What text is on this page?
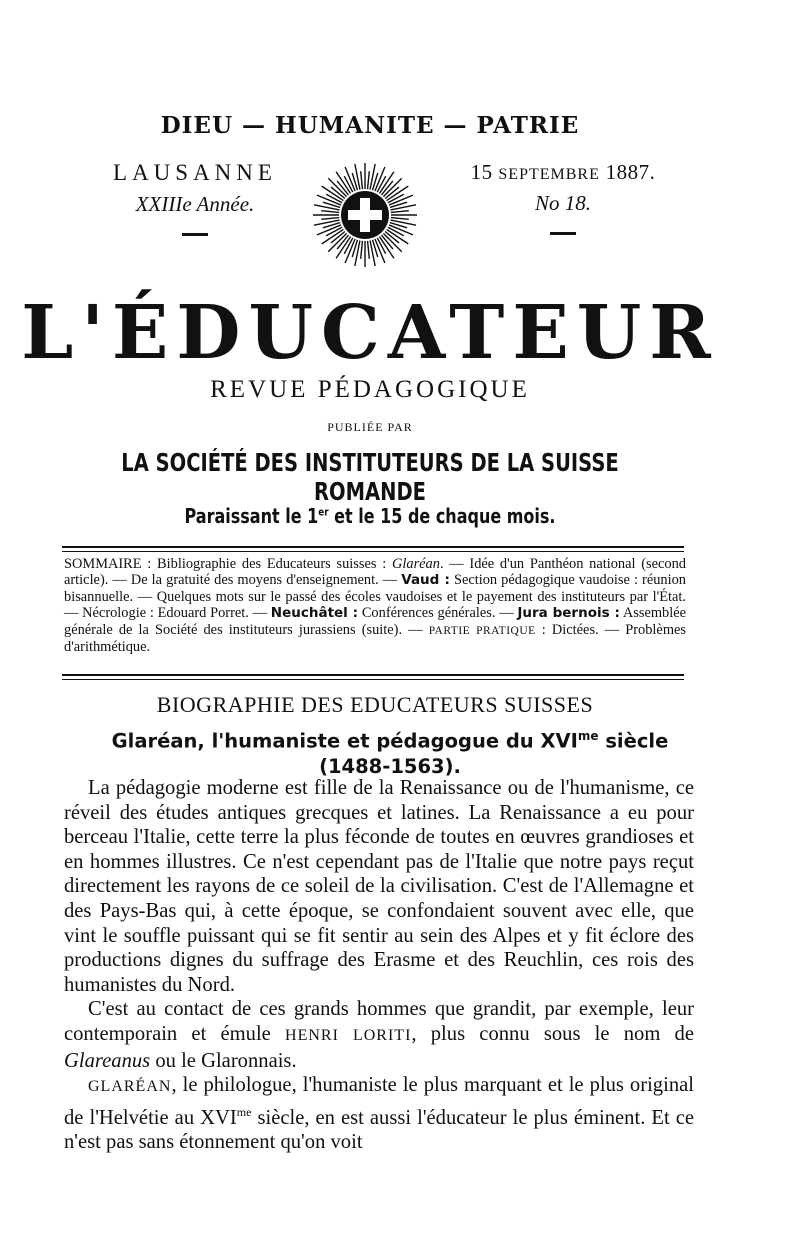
DIEU — HUMANITE — PATRIE
LAUSANNE
XXIIIe Année.
15 SEPTEMBRE 1887.
No 18.
L'ÉDUCATEUR
REVUE PÉDAGOGIQUE
PUBLIÉE PAR
LA SOCIÉTÉ DES INSTITUTEURS DE LA SUISSE ROMANDE
Paraissant le 1er et le 15 de chaque mois.
SOMMAIRE : Bibliographie des Educateurs suisses : Glaréan. — Idée d'un Panthéon national (second article). — De la gratuité des moyens d'enseignement. — Vaud : Section pédagogique vaudoise : réunion bisannuelle. — Quelques mots sur le passé des écoles vaudoises et le payement des instituteurs par l'État. — Nécrologie : Edouard Porret. — Neuchâtel : Conférences générales. — Jura bernois : Assemblée générale de la Société des instituteurs jurassiens (suite). — PARTIE PRATIQUE : Dictées. — Problèmes d'arithmétique.
BIOGRAPHIE DES EDUCATEURS SUISSES
Glaréan, l'humaniste et pédagogue du $XVI^{me}$ siècle
(1488-1563).

La pédagogie moderne est fille de la Renaissance ou de l'humanisme, ce réveil des études antiques grecques et latines. La Renaissance a eu pour berceau l'Italie, cette terre la plus féconde de toutes en œuvres grandioses et en hommes illustres. Ce n'est cependant pas de l'Italie que notre pays reçut directement les rayons de ce soleil de la civilisation. C'est de l'Allemagne et des Pays-Bas qui, à cette époque, se confondaient souvent avec elle, que vint le souffle puissant qui se fit sentir au sein des Alpes et y fit éclore des productions dignes du suffrage des Erasme et des Reuchlin, ces rois des humanistes du Nord.

C'est au contact de ces grands hommes que grandit, par exemple, leur contemporain et émule HENRI LORITI, plus connu sous le nom de Glareanus ou le Glaronnais.

GLARÉAN, le philologue, l'humaniste le plus marquant et le plus original de l'Helvétie au $XVI^{me}$ siècle, en est aussi l'éducateur le plus éminent. Et ce n'est pas sans étonnement qu'on voit
